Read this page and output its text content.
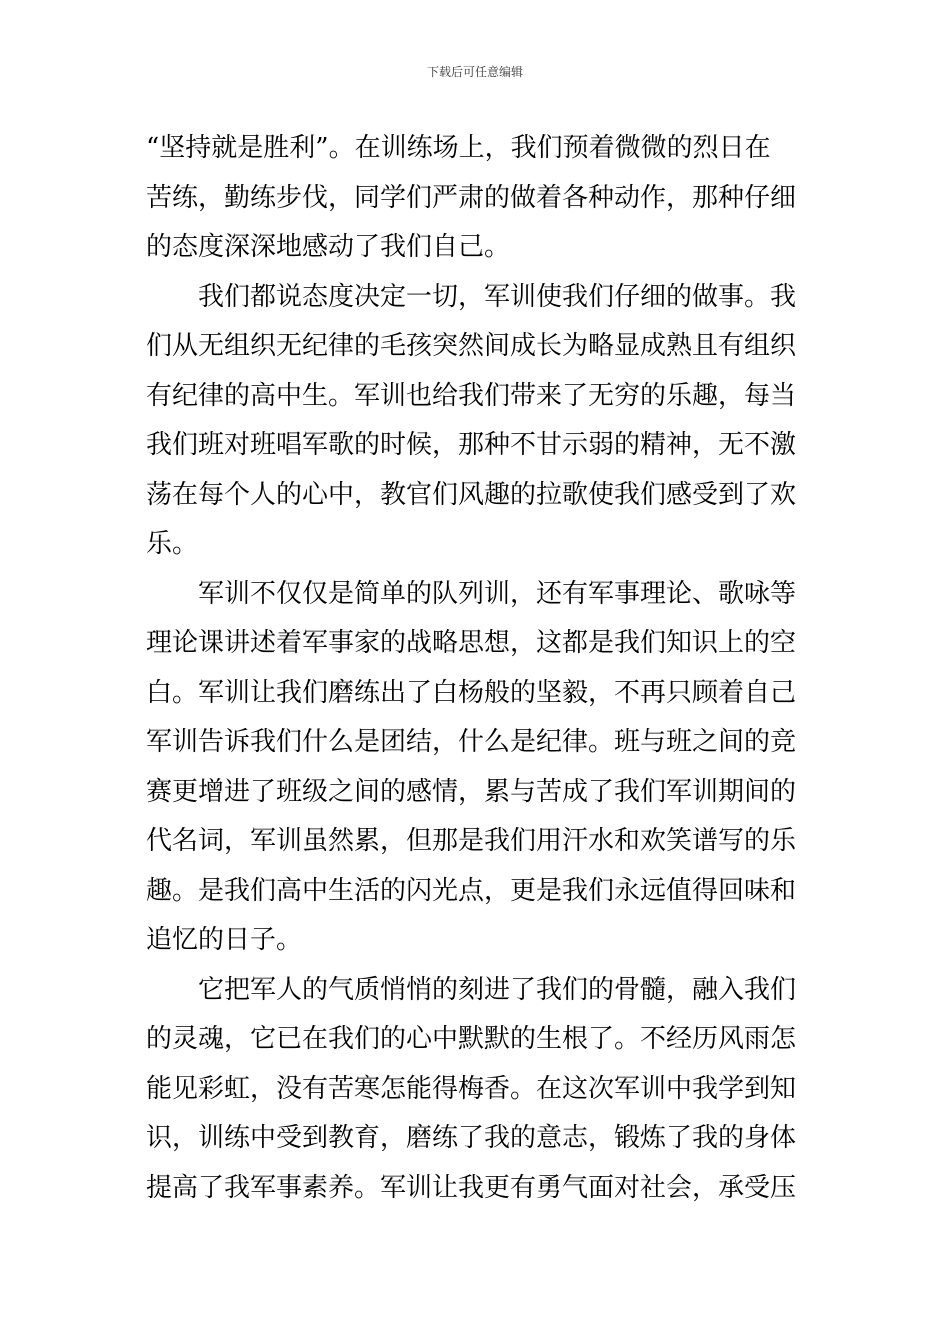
下载后可任意编辑
“坚持就是胜利”。在训练场上，我们预着微微的烈日在
苦练，勤练步伐，同学们严肃的做着各种动作，那种仔细
的态度深深地感动了我们自己。
我们都说态度决定一切，军训使我们仔细的做事。我
们从无组织无纪律的毛孩突然间成长为略显成熟且有组织
有纪律的高中生。军训也给我们带来了无穷的乐趣，每当
我们班对班唱军歌的时候，那种不甘示弱的精神，无不激
荡在每个人的心中，教官们风趣的拉歌使我们感受到了欢
乐。
军训不仅仅是简单的队列训，还有军事理论、歌咏等
理论课讲述着军事家的战略思想，这都是我们知识上的空
白。军训让我们磨练出了白杨般的坚毅，不再只顾着自己
军训告诉我们什么是团结，什么是纪律。班与班之间的竞
赛更增进了班级之间的感情，累与苦成了我们军训期间的
代名词，军训虽然累，但那是我们用汗水和欢笑谱写的乐
趣。是我们高中生活的闪光点，更是我们永远值得回味和
追忆的日子。
它把军人的气质悄悄的刻进了我们的骨髓，融入我们
的灵魂，它已在我们的心中默默的生根了。不经历风雨怎
能见彩虹，没有苦寒怎能得梅香。在这次军训中我学到知
识，训练中受到教育，磨练了我的意志，锻炼了我的身体
提高了我军事素养。军训让我更有勇气面对社会，承受压
